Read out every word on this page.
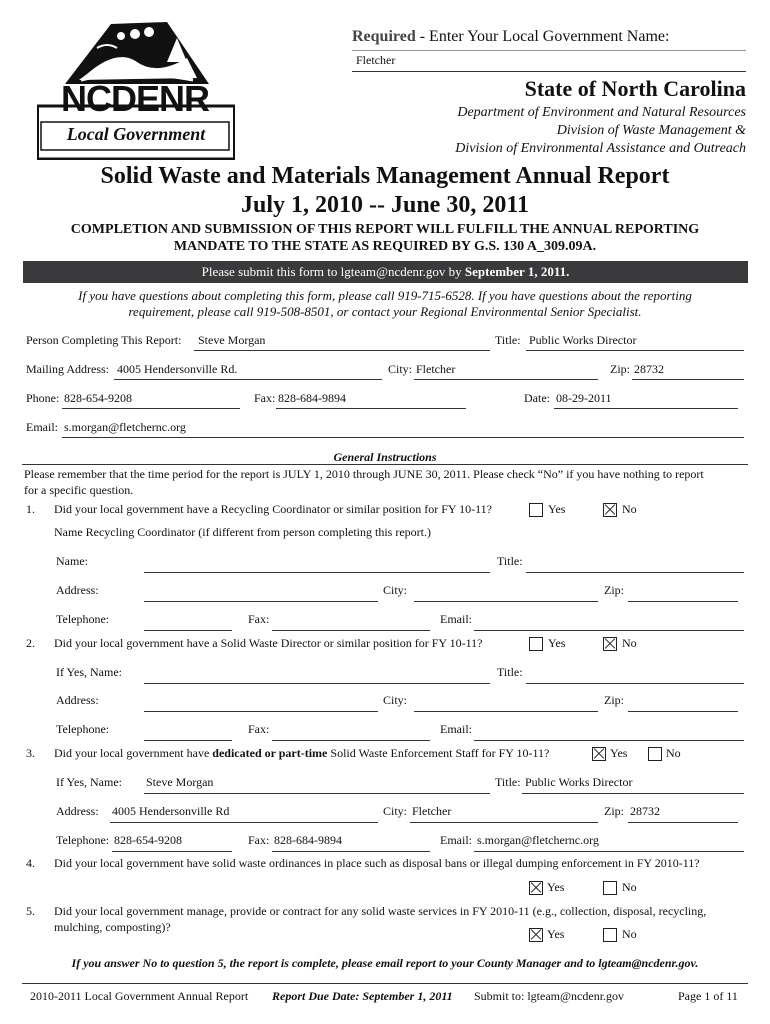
NCDENR
Local Government
Required - Enter Your Local Government Name:
Fletcher
State of North Carolina
Department of Environment and Natural Resources
Division of Waste Management &
Division of Environmental Assistance and Outreach
Solid Waste and Materials Management Annual Report
July 1, 2010 -- June 30, 2011
COMPLETION AND SUBMISSION OF THIS REPORT WILL FULFILL THE ANNUAL REPORTING
MANDATE TO THE STATE AS REQUIRED BY G.S. 130 A_309.09A.
Please submit this form to lgteam@ncdenr.gov by September 1, 2011.
If you have questions about completing this form, please call 919-715-6528. If you have questions about the reporting
requirement, please call 919-508-8501, or contact your Regional Environmental Senior Specialist.
Person Completing This Report: Steve Morgan	Title: Public Works Director
Mailing Address: 4005 Hendersonville Rd.	City: Fletcher	Zip: 28732
Phone: 828-654-9208	Fax: 828-684-9894	Date: 08-29-2011
Email: s.morgan@fletchernc.org
General Instructions
Please remember that the time period for the report is JULY 1, 2010 through JUNE 30, 2011. Please check “No” if you have nothing to report
for a specific question.
1. Did your local government have a Recycling Coordinator or similar position for FY 10-11?	Yes	No
Name Recycling Coordinator (if different from person completing this report.)
Name:	Title:
Address:	City:	Zip:
Telephone:	Fax:	Email:
2. Did your local government have a Solid Waste Director or similar position for FY 10-11?	Yes	No
If Yes, Name:	Title:
Address:	City:	Zip:
Telephone:	Fax:	Email:
3. Did your local government have dedicated or part-time Solid Waste Enforcement Staff for FY 10-11?	Yes	No
If Yes, Name: Steve Morgan	Title: Public Works Director
Address: 4005 Hendersonville Rd	City: Fletcher	Zip: 28732
Telephone: 828-654-9208	Fax: 828-684-9894	Email: s.morgan@fletchernc.org
4. Did your local government have solid waste ordinances in place such as disposal bans or illegal dumping enforcement in FY 2010-11?
Yes	No
5. Did your local government manage, provide or contract for any solid waste services in FY 2010-11 (e.g., collection, disposal, recycling,
mulching, composting)?	Yes	No
If you answer No to question 5, the report is complete, please email report to your County Manager and to lgteam@ncdenr.gov.
2010-2011 Local Government Annual Report Report Due Date: September 1, 2011 Submit to: lgteam@ncdenr.gov	Page 1 of 11
